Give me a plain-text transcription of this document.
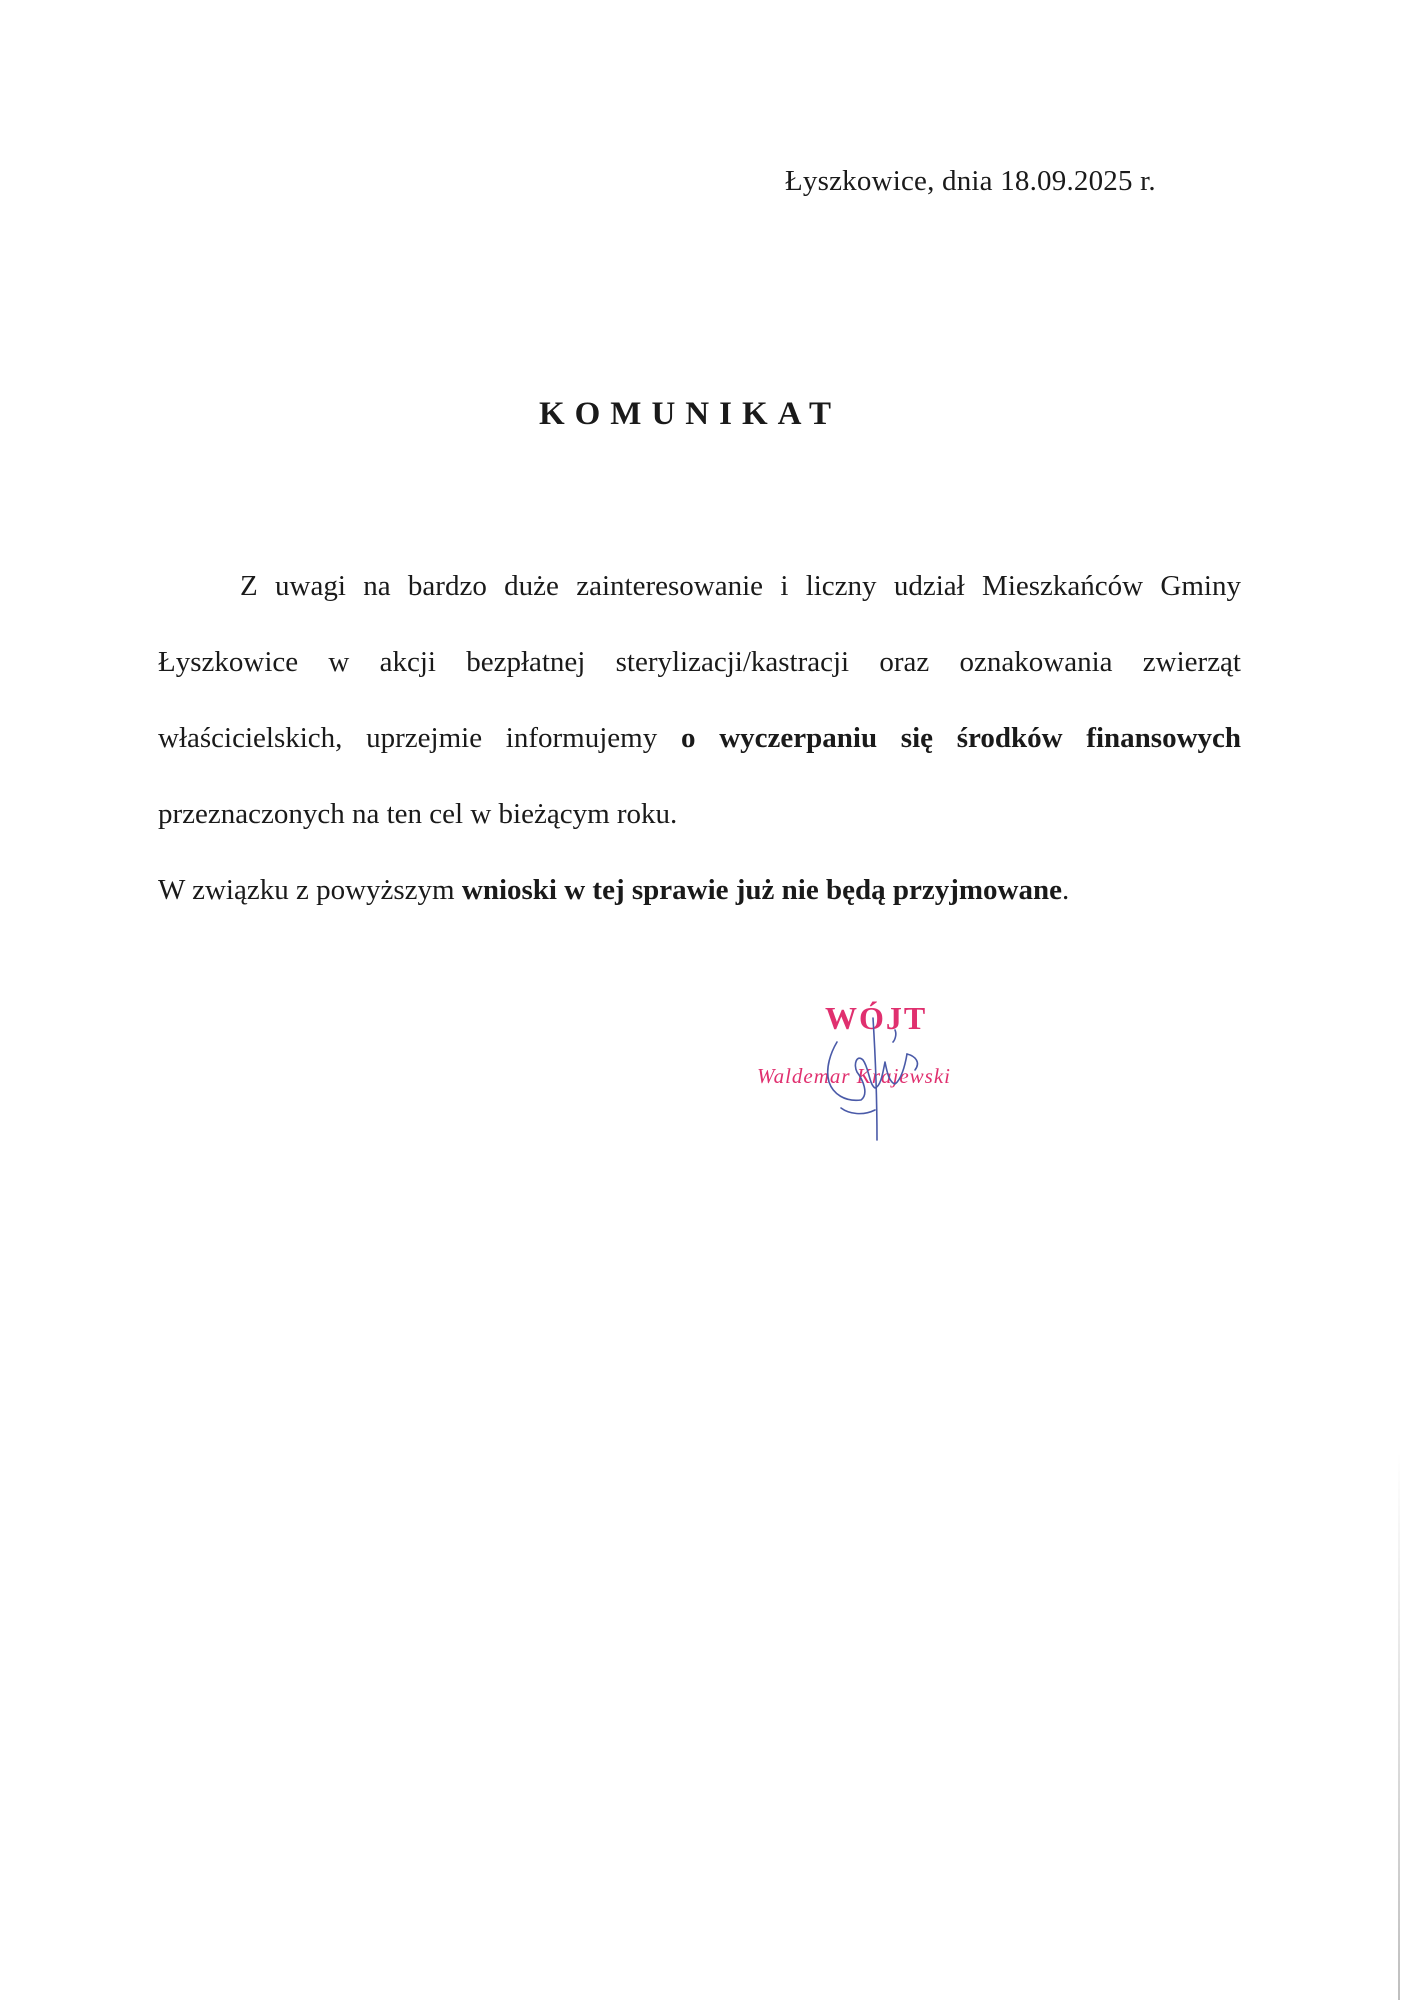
Łyszkowice, dnia 18.09.2025 r.
KOMUNIKAT

Z uwagi na bardzo duże zainteresowanie i liczny udział Mieszkańców Gminy Łyszkowice w akcji bezpłatnej sterylizacji/kastracji oraz oznakowania zwierząt właścicielskich, uprzejmie informujemy o wyczerpaniu się środków finansowych przeznaczonych na ten cel w bieżącym roku.

W związku z powyższym wnioski w tej sprawie już nie będą przyjmowane.

WÓJT
Waldemar Krajewski
